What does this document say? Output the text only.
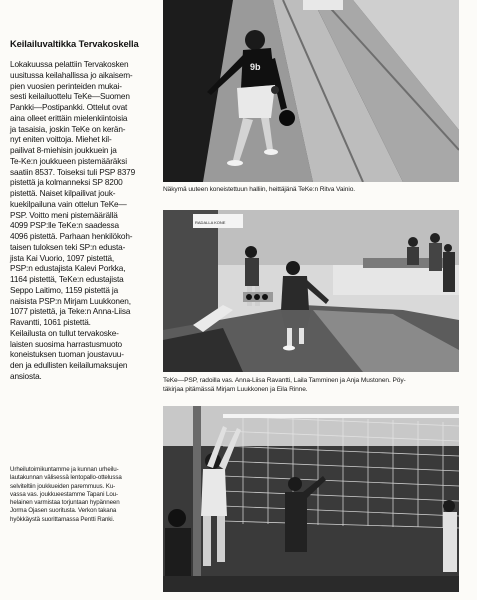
Keilailuvaltikka Tervakoskella
Lokakuussa pelattiin Tervakosken
uusitussa keilahallissa jo aikaisem-
pien vuosien perinteiden mukai-
sesti keilailuottelu TeKe—Suomen
Pankki—Postipankki. Ottelut ovat
aina olleet erittäin mielenkiintoisia
ja tasaisia, joskin TeKe on kerän-
nyt eniten voittoja. Miehet kil-
pailivat 8-miehisin joukkuein ja
Te-Ke:n joukkueen pistemääräksi
saatiin 8537. Toiseksi tuli PSP 8379
pistettä ja kolmanneksi SP 8200
pistettä. Naiset kilpailivat jouk-
kuekilpailuna vain ottelun TeKe—
PSP. Voitto meni pistemäärällä
4099 PSP:lle TeKe:n saadessa
4096 pistettä. Parhaan henkilökoh-
taisen tuloksen teki SP:n edusta-
jista Kai Vuorio, 1097 pistettä,
PSP:n edustajista Kalevi Porkka,
1164 pistettä, TeKe:n edustajista
Seppo Laitimo, 1159 pistettä ja
naisista PSP:n Mirjam Luukkonen,
1077 pistettä, ja Teke:n Anna-Liisa
Ravantti, 1061 pistettä.
Keilailusta on tullut tervakoske-
laisten suosima harrastusmuoto
koneistuksen tuoman joustavuu-
den ja edullisten keilailumaksujen
ansiosta.
9b
Näkymä uuteen koneistettuun halliin, heittäjänä TeKe:n Ritva Vainio.
RADALLA KONE
TeKe—PSP, radoilla vas. Anna-Liisa Ravantti, Laila Tamminen ja Anja Mustonen. Pöy-
täkirjaa pitämässä Mirjam Luukkonen ja Eila Rinne.
Urheilutoimikuntamme ja kunnan urheilu-
lautakunnan välisessä lentopallo-ottelussa
selviteltiin joukkueiden paremmuus. Ku-
vassa vas. joukkueestamme Tapani Lou-
helainen varmistaa torjuntaan hypänneen
Jorma Ojasen suoritusta. Verkon takana
hyökkäystä suorittamassa Pentti Ranki.
